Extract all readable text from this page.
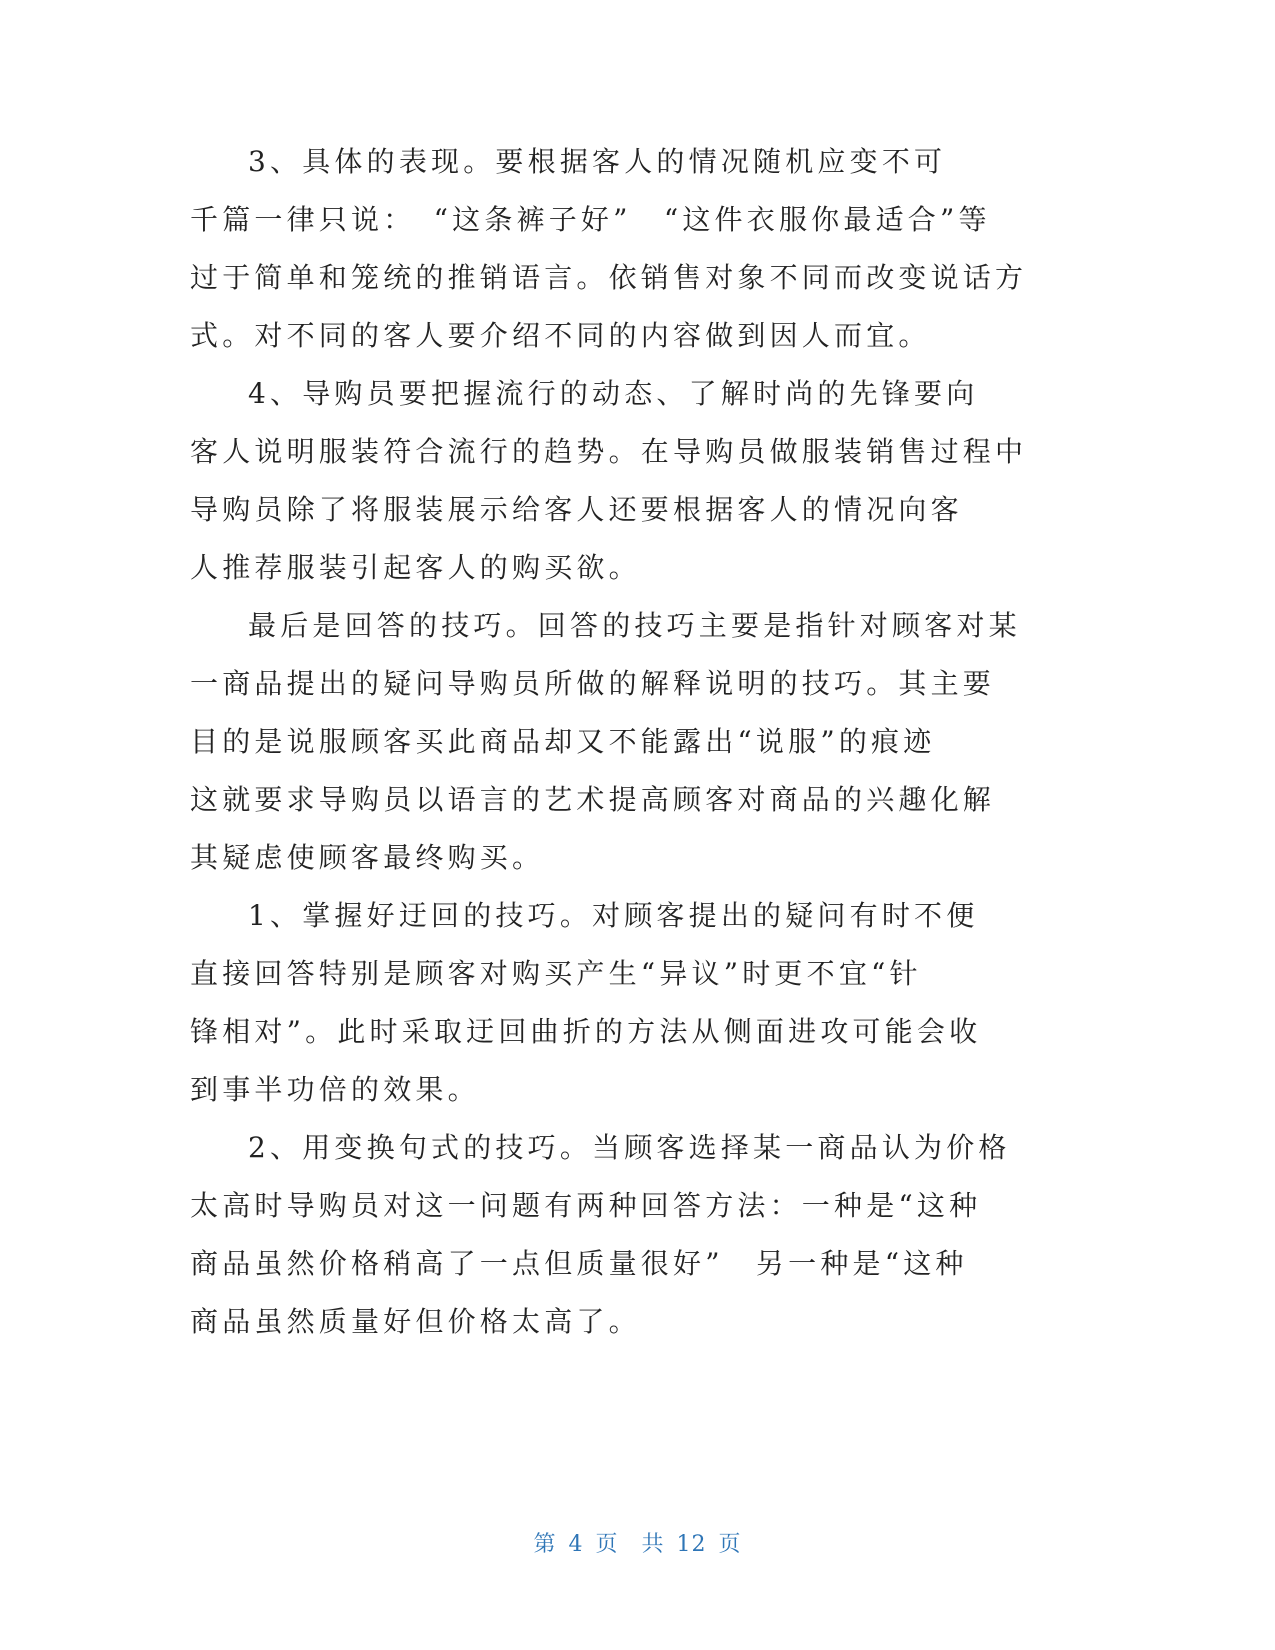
3、具体的表现。要根据客人的情况随机应变不可
千篇一律只说：　“这条裤子好”　“这件衣服你最适合”等
过于简单和笼统的推销语言。依销售对象不同而改变说话方
式。对不同的客人要介绍不同的内容做到因人而宜。
4、导购员要把握流行的动态、了解时尚的先锋要向
客人说明服装符合流行的趋势。在导购员做服装销售过程中
导购员除了将服装展示给客人还要根据客人的情况向客
人推荐服装引起客人的购买欲。
最后是回答的技巧。回答的技巧主要是指针对顾客对某
一商品提出的疑问导购员所做的解释说明的技巧。其主要
目的是说服顾客买此商品却又不能露出“说服”的痕迹
这就要求导购员以语言的艺术提高顾客对商品的兴趣化解
其疑虑使顾客最终购买。
1、掌握好迂回的技巧。对顾客提出的疑问有时不便
直接回答特别是顾客对购买产生“异议”时更不宜“针
锋相对”。此时采取迂回曲折的方法从侧面进攻可能会收
到事半功倍的效果。
2、用变换句式的技巧。当顾客选择某一商品认为价格
太高时导购员对这一问题有两种回答方法：一种是“这种
商品虽然价格稍高了一点但质量很好”　另一种是“这种
商品虽然质量好但价格太高了。
第 4 页　共 12 页
